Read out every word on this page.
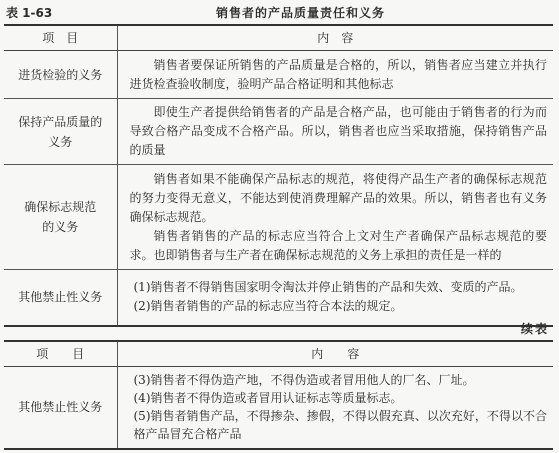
表 1-63	销售者的产品质量责任和义务
项　目	内　容
进货检验的义务	销售者要保证所销售的产品质量是合格的，所以，销售者应当建立并执行进货检查验收制度，验明产品合格证明和其他标志

保持产品质量的义务	即使生产者提供给销售者的产品是合格产品，也可能由于销售者的行为而导致合格产品变成不合格产品。所以，销售者也应当采取措施，保持销售产品的质量

确保标志规范的义务	销售者如果不能确保产品标志的规范，将使得产品生产者的确保标志规范的努力变得无意义，不能达到使消费理解产品的效果。所以，销售者也有义务确保标志规范。

销售者销售的产品的标志应当符合上文对生产者确保产品标志规范的要求。也即销售者与生产者在确保标志规范的义务上承担的责任是一样的

其他禁止性义务	(1)销售者不得销售国家明令淘汰并停止销售的产品和失效、变质的产品。

(2)销售者销售的产品的标志应当符合本法的规定。

续表
项　　目	内　　容
其他禁止性义务	(3)销售者不得伪造产地，不得伪造或者冒用他人的厂名、厂址。

(4)销售者不得伪造或者冒用认证标志等质量标志。

(5)销售者销售产品，不得掺杂、掺假，不得以假充真、以次充好，不得以不合格产品冒充合格产品
